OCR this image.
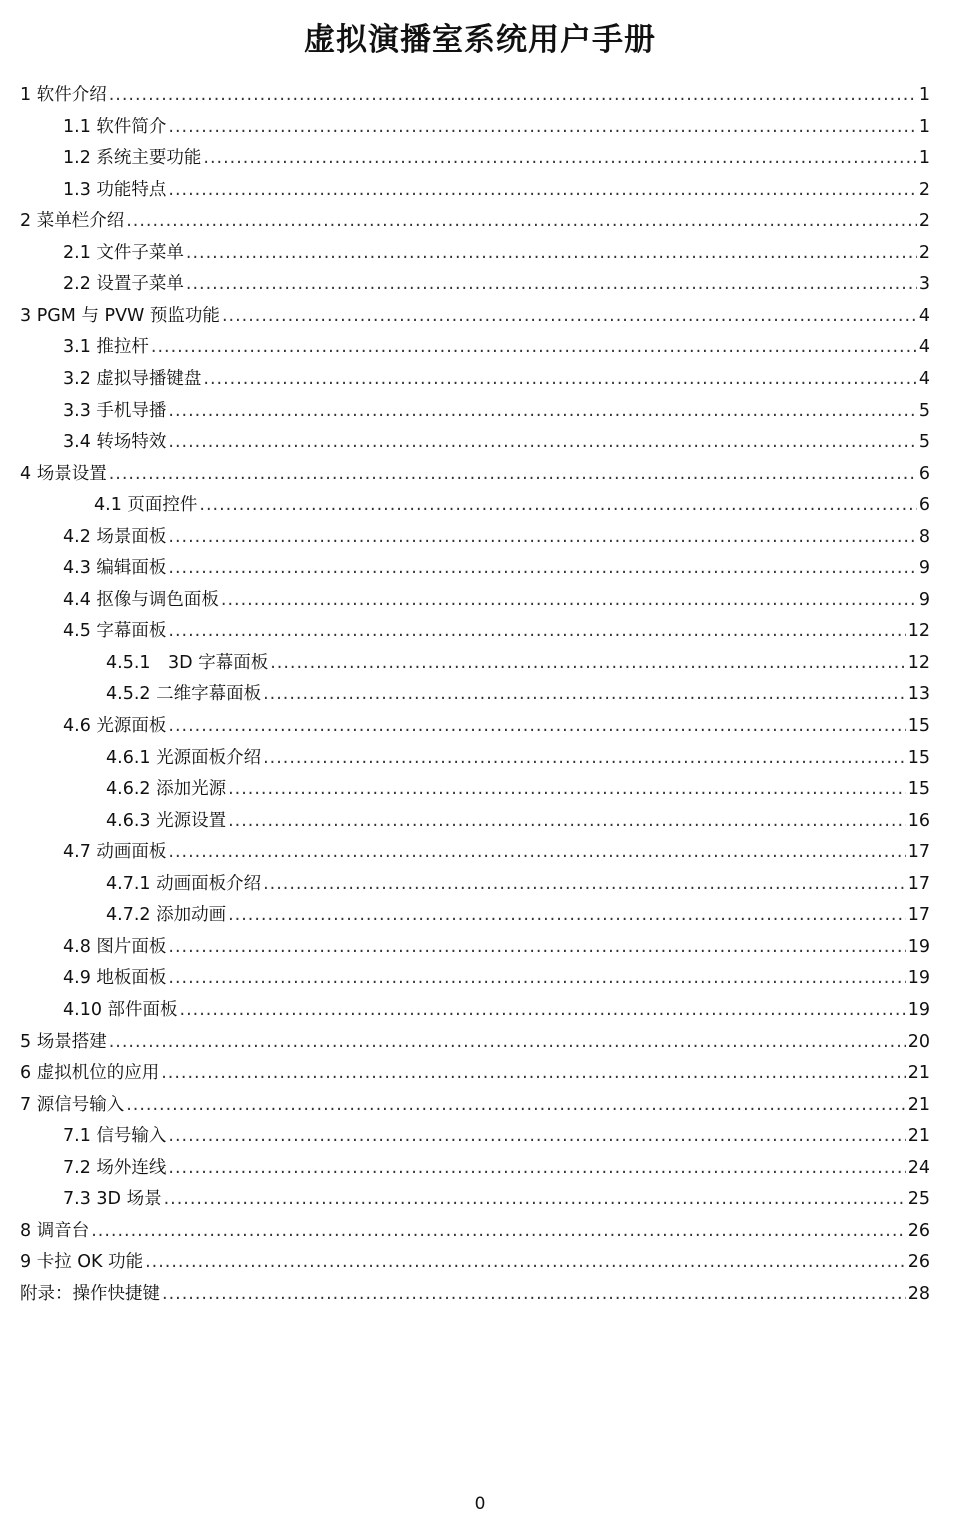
虚拟演播室系统用户手册
1 软件介绍 .....	1
1.1 软件简介 .....	1
1.2 系统主要功能 .....	1
1.3 功能特点 .....	2
2 菜单栏介绍 .....	2
2.1 文件子菜单 .....	2
2.2 设置子菜单 .....	3
3 PGM 与 PVW 预监功能 .....	4
3.1 推拉杆 .....	4
3.2 虚拟导播键盘 .....	4
3.3 手机导播 .....	5
3.4 转场特效 .....	5
4 场景设置 .....	6
4.1 页面控件 .....	6
4.2 场景面板 .....	8
4.3 编辑面板 .....	9
4.4 抠像与调色面板 .....	9
4.5 字幕面板 .....	12
4.5.1　3D 字幕面板 .....	12
4.5.2 二维字幕面板 .....	13
4.6 光源面板 .....	15
4.6.1 光源面板介绍 .....	15
4.6.2 添加光源 .....	15
4.6.3 光源设置 .....	16
4.7 动画面板 .....	17
4.7.1 动画面板介绍 .....	17
4.7.2 添加动画 .....	17
4.8 图片面板 .....	19
4.9 地板面板 .....	19
4.10 部件面板 .....	19
5 场景搭建 .....	20
6 虚拟机位的应用 .....	21
7 源信号输入 .....	21
7.1 信号输入 .....	21
7.2 场外连线 .....	24
7.3 3D 场景 .....	25
8 调音台 .....	26
9 卡拉 OK 功能 .....	26
附录：操作快捷键 .....	28
0
